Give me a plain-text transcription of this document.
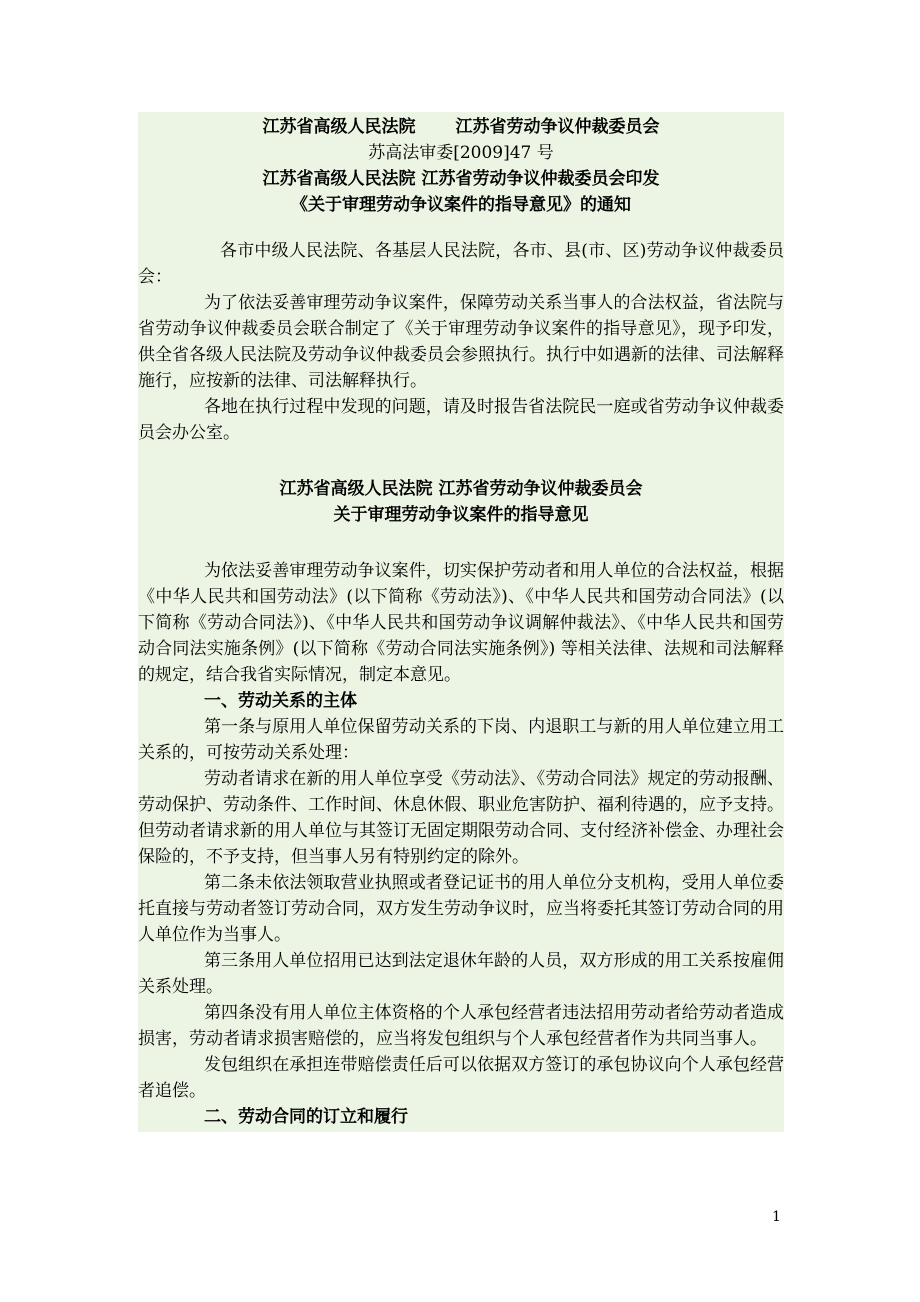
江苏省高级人民法院 江苏省劳动争议仲裁委员会
苏高法审委[2009]47 号
江苏省高级人民法院 江苏省劳动争议仲裁委员会印发
《关于审理劳动争议案件的指导意见》的通知

各市中级人民法院、各基层人民法院，各市、县(市、区)劳动争议仲裁委员会：

为了依法妥善审理劳动争议案件，保障劳动关系当事人的合法权益，省法院与省劳动争议仲裁委员会联合制定了《关于审理劳动争议案件的指导意见》，现予印发，供全省各级人民法院及劳动争议仲裁委员会参照执行。执行中如遇新的法律、司法解释施行，应按新的法律、司法解释执行。

各地在执行过程中发现的问题，请及时报告省法院民一庭或省劳动争议仲裁委员会办公室。

江苏省高级人民法院 江苏省劳动争议仲裁委员会
关于审理劳动争议案件的指导意见

为依法妥善审理劳动争议案件，切实保护劳动者和用人单位的合法权益，根据《中华人民共和国劳动法》(以下简称《劳动法》)、《中华人民共和国劳动合同法》(以下简称《劳动合同法》)、《中华人民共和国劳动争议调解仲裁法》、《中华人民共和国劳动合同法实施条例》(以下简称《劳动合同法实施条例》) 等相关法律、法规和司法解释的规定，结合我省实际情况，制定本意见。

一、劳动关系的主体

第一条与原用人单位保留劳动关系的下岗、内退职工与新的用人单位建立用工关系的，可按劳动关系处理：

劳动者请求在新的用人单位享受《劳动法》、《劳动合同法》规定的劳动报酬、劳动保护、劳动条件、工作时间、休息休假、职业危害防护、福利待遇的，应予支持。但劳动者请求新的用人单位与其签订无固定期限劳动合同、支付经济补偿金、办理社会保险的，不予支持，但当事人另有特别约定的除外。

第二条未依法领取营业执照或者登记证书的用人单位分支机构，受用人单位委托直接与劳动者签订劳动合同，双方发生劳动争议时，应当将委托其签订劳动合同的用人单位作为当事人。

第三条用人单位招用已达到法定退休年龄的人员，双方形成的用工关系按雇佣关系处理。

第四条没有用人单位主体资格的个人承包经营者违法招用劳动者给劳动者造成损害，劳动者请求损害赔偿的，应当将发包组织与个人承包经营者作为共同当事人。

发包组织在承担连带赔偿责任后可以依据双方签订的承包协议向个人承包经营者追偿。

二、劳动合同的订立和履行

1
